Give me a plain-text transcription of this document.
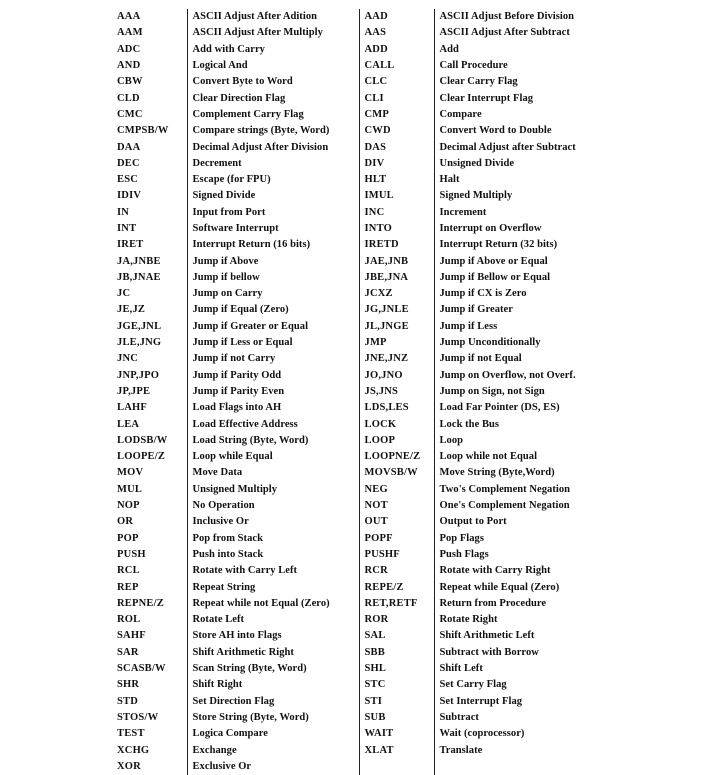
AAA	ASCII Adjust After Adition	AAD	ASCII Adjust Before Division
AAM	ASCII Adjust After Multiply	AAS	ASCII Adjust After Subtract
ADC	Add with Carry	ADD	Add
AND	Logical And	CALL	Call Procedure
CBW	Convert Byte to Word	CLC	Clear Carry Flag
CLD	Clear Direction Flag	CLI	Clear Interrupt Flag
CMC	Complement Carry Flag	CMP	Compare
CMPSB/W	Compare strings (Byte, Word)	CWD	Convert Word to Double
DAA	Decimal Adjust After Division	DAS	Decimal Adjust after Subtract
DEC	Decrement	DIV	Unsigned Divide
ESC	Escape (for FPU)	HLT	Halt
IDIV	Signed Divide	IMUL	Signed Multiply
IN	Input from Port	INC	Increment
INT	Software Interrupt	INTO	Interrupt on Overflow
IRET	Interrupt Return (16 bits)	IRETD	Interrupt Return (32 bits)
JA,JNBE	Jump if Above	JAE,JNB	Jump if Above or Equal
JB,JNAE	Jump if bellow	JBE,JNA	Jump if Bellow or Equal
JC	Jump on Carry	JCXZ	Jump if CX is Zero
JE,JZ	Jump if Equal (Zero)	JG,JNLE	Jump if Greater
JGE,JNL	Jump if Greater or Equal	JL,JNGE	Jump if Less
JLE,JNG	Jump if Less or Equal	JMP	Jump Unconditionally
JNC	Jump if not Carry	JNE,JNZ	Jump if not Equal
JNP,JPO	Jump if Parity Odd	JO,JNO	Jump on Overflow, not Overf.
JP,JPE	Jump if Parity Even	JS,JNS	Jump on Sign, not Sign
LAHF	Load Flags into AH	LDS,LES	Load Far Pointer (DS, ES)
LEA	Load Effective Address	LOCK	Lock the Bus
LODSB/W	Load String (Byte, Word)	LOOP	Loop
LOOPE/Z	Loop while Equal	LOOPNE/Z	Loop while not Equal
MOV	Move Data	MOVSB/W	Move String (Byte,Word)
MUL	Unsigned Multiply	NEG	Two's Complement Negation
NOP	No Operation	NOT	One's Complement Negation
OR	Inclusive Or	OUT	Output to Port
POP	Pop from Stack	POPF	Pop Flags
PUSH	Push into Stack	PUSHF	Push Flags
RCL	Rotate with Carry Left	RCR	Rotate with Carry Right
REP	Repeat String	REPE/Z	Repeat while Equal (Zero)
REPNE/Z	Repeat while not Equal (Zero)	RET,RETF	Return from Procedure
ROL	Rotate Left	ROR	Rotate Right
SAHF	Store AH into Flags	SAL	Shift Arithmetic Left
SAR	Shift Arithmetic Right	SBB	Subtract with Borrow
SCASB/W	Scan String (Byte, Word)	SHL	Shift Left
SHR	Shift Right	STC	Set Carry Flag
STD	Set Direction Flag	STI	Set Interrupt Flag
STOS/W	Store String (Byte, Word)	SUB	Subtract
TEST	Logica Compare	WAIT	Wait (coprocessor)
XCHG	Exchange	XLAT	Translate
XOR	Exclusive Or		
